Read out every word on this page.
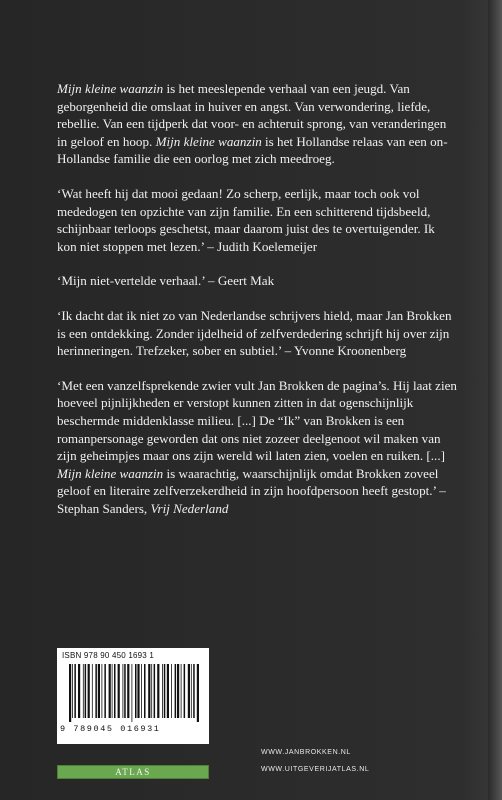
Mijn kleine waanzin is het meeslepende verhaal van een jeugd. Van geborgenheid die omslaat in huiver en angst. Van verwondering, liefde, rebellie. Van een tijdperk dat voor- en achteruit sprong, van veranderingen in geloof en hoop. Mijn kleine waanzin is het Hollandse relaas van een on-Hollandse familie die een oorlog met zich meedroeg.

‘Wat heeft hij dat mooi gedaan! Zo scherp, eerlijk, maar toch ook vol mededogen ten opzichte van zijn familie. En een schitterend tijdsbeeld, schijnbaar terloops geschetst, maar daarom juist des te overtuigender. Ik kon niet stoppen met lezen.’ – Judith Koelemeijer

‘Mijn niet-vertelde verhaal.’ – Geert Mak

‘Ik dacht dat ik niet zo van Nederlandse schrijvers hield, maar Jan Brokken is een ontdekking. Zonder ijdelheid of zelfverdedering schrijft hij over zijn herinneringen. Trefzeker, sober en subtiel.’ – Yvonne Kroonenberg

‘Met een vanzelfsprekende zwier vult Jan Brokken de pagina’s. Hij laat zien hoeveel pijnlijkheden er verstopt kunnen zitten in dat ogenschijnlijk beschermde middenklasse milieu. [...] De “Ik” van Brokken is een romanpersonage geworden dat ons niet zozeer deelgenoot wil maken van zijn geheimpjes maar ons zijn wereld wil laten zien, voelen en ruiken. [...] Mijn kleine waanzin is waarachtig, waarschijnlijk omdat Brokken zoveel geloof en literaire zelfverzekerdheid in zijn hoofdpersoon heeft gestopt.’ – Stephan Sanders, Vrij Nederland

ISBN 978 90 450 1693 1
9 789045 016931
ATLAS
WWW.JANBROKKEN.NL
WWW.UITGEVERIJATLAS.NL
